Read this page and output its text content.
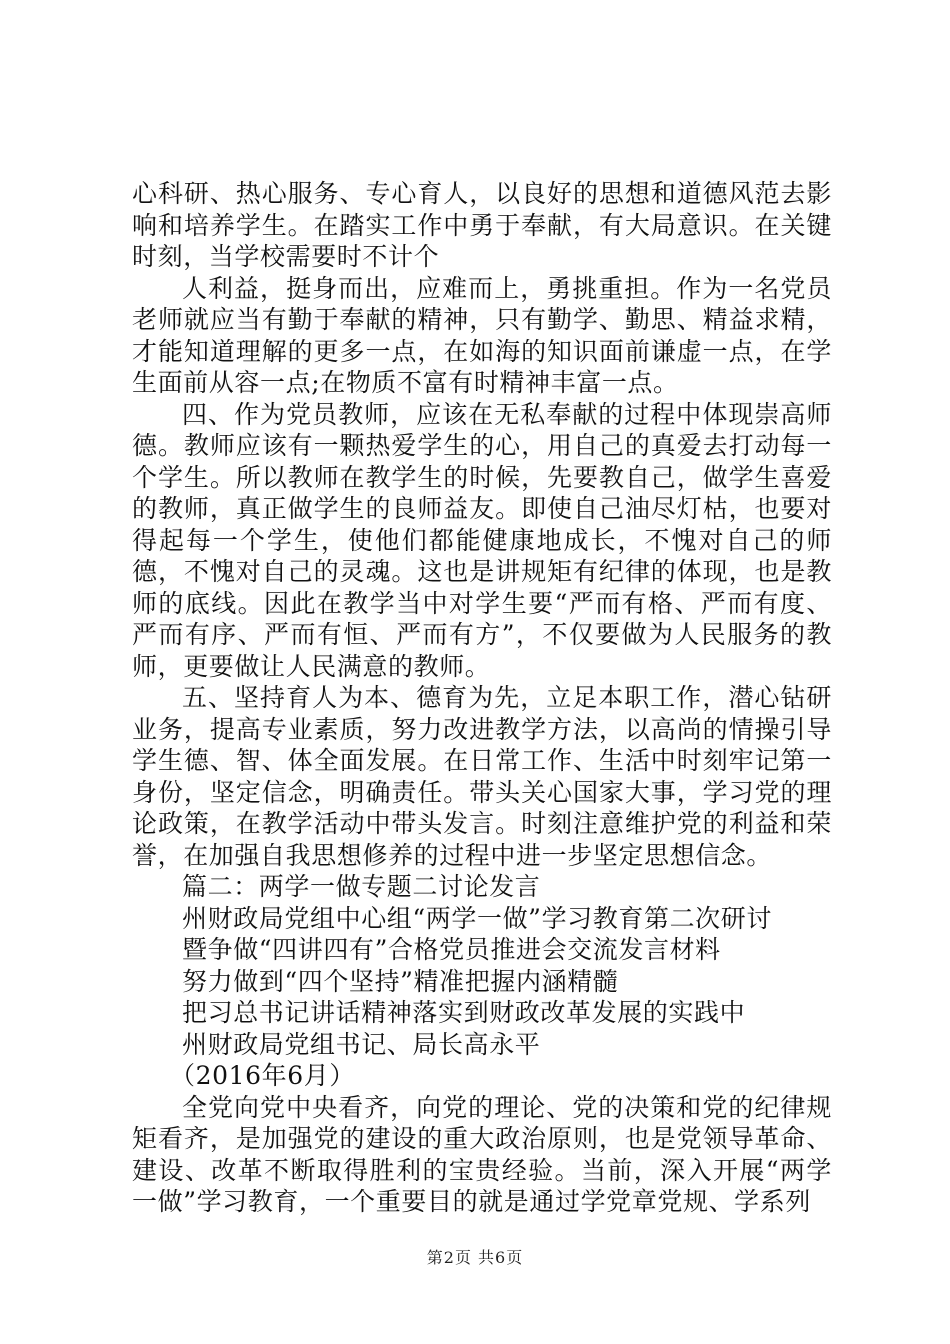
心科研、热心服务、专心育人，以良好的思想和道德风范去影响和培养学生。在踏实工作中勇于奉献，有大局意识。在关键时刻，当学校需要时不计个

人利益，挺身而出，应难而上，勇挑重担。作为一名党员老师就应当有勤于奉献的精神，只有勤学、勤思、精益求精，才能知道理解的更多一点，在如海的知识面前谦虚一点，在学生面前从容一点;在物质不富有时精神丰富一点。

四、作为党员教师，应该在无私奉献的过程中体现崇高师德。教师应该有一颗热爱学生的心，用自己的真爱去打动每一个学生。所以教师在教学生的时候，先要教自己，做学生喜爱的教师，真正做学生的良师益友。即使自己油尽灯枯，也要对得起每一个学生，使他们都能健康地成长，不愧对自己的师德，不愧对自己的灵魂。这也是讲规矩有纪律的体现，也是教师的底线。因此在教学当中对学生要“严而有格、严而有度、严而有序、严而有恒、严而有方”，不仅要做为人民服务的教师，更要做让人民满意的教师。

五、坚持育人为本、德育为先，立足本职工作，潜心钻研业务，提高专业素质，努力改进教学方法，以高尚的情操引导学生德、智、体全面发展。在日常工作、生活中时刻牢记第一身份，坚定信念，明确责任。带头关心国家大事，学习党的理论政策，在教学活动中带头发言。时刻注意维护党的利益和荣誉，在加强自我思想修养的过程中进一步坚定思想信念。

篇二：两学一做专题二讨论发言

州财政局党组中心组“两学一做”学习教育第二次研讨

暨争做“四讲四有”合格党员推进会交流发言材料

努力做到“四个坚持”精准把握内涵精髓

把习总书记讲话精神落实到财政改革发展的实践中

州财政局党组书记、局长高永平

（2016年6月）

全党向党中央看齐，向党的理论、党的决策和党的纪律规矩看齐，是加强党的建设的重大政治原则，也是党领导革命、建设、改革不断取得胜利的宝贵经验。当前，深入开展“两学一做”学习教育，一个重要目的就是通过学党章党规、学系列

第2页 共6页
